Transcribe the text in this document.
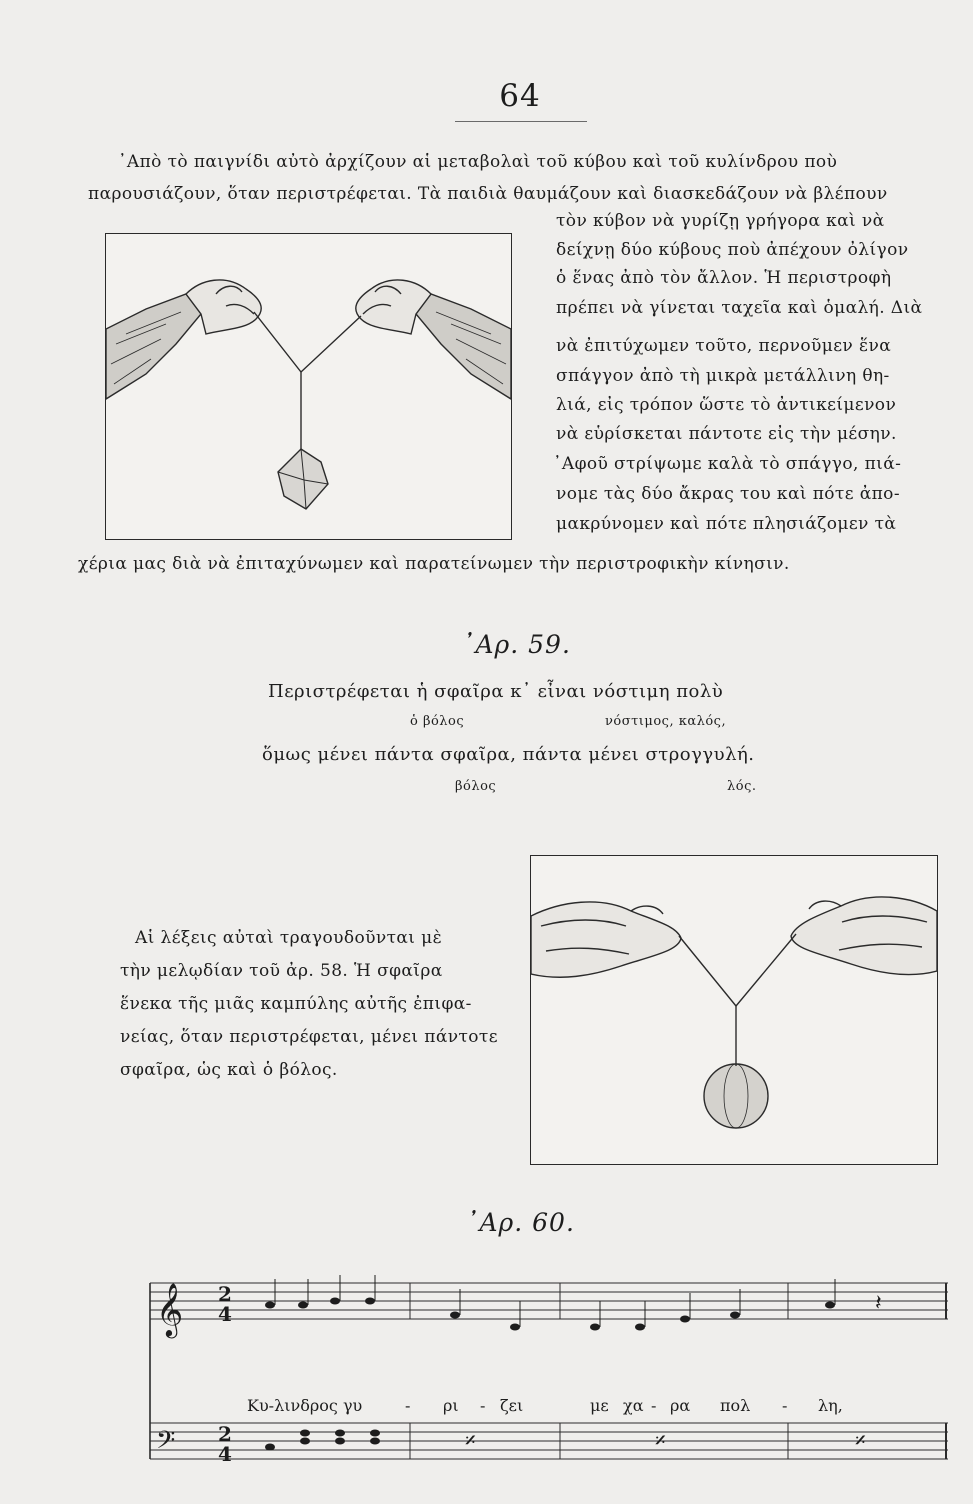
64
᾿Απὸ τὸ παιγνίδι αὐτὸ ἀρχίζουν αἱ μεταβολαὶ τοῦ κύβου καὶ τοῦ κυλίνδρου ποὺ
παρουσιάζουν, ὅταν περιστρέφεται. Τὰ παιδιὰ θαυμάζουν καὶ διασκεδάζουν νὰ βλέπουν
τὸν κύβον νὰ γυρίζῃ γρήγορα καὶ νὰ
δείχνῃ δύο κύβους ποὺ ἀπέχουν ὀλίγον
ὁ ἕνας ἀπὸ τὸν ἄλλον. Ἡ περιστροφὴ
πρέπει νὰ γίνεται ταχεῖα καὶ ὁμαλή. Διὰ
νὰ ἐπιτύχωμεν τοῦτο, περνοῦμεν ἕνα
σπάγγον ἀπὸ τὴ μικρὰ μετάλλινη θη-
λιά, εἰς τρόπον ὥστε τὸ ἀντικείμενον
νὰ εὑρίσκεται πάντοτε εἰς τὴν μέσην.
᾿Αφοῦ στρίψωμε καλὰ τὸ σπάγγο, πιά-
νομε τὰς δύο ἄκρας του καὶ πότε ἀπο-
μακρύνομεν καὶ πότε πλησιάζομεν τὰ
χέρια μας διὰ νὰ ἐπιταχύνωμεν καὶ παρατείνωμεν τὴν περιστροφικὴν κίνησιν.
᾿Αρ. 59.
Περιστρέφεται ἡ σφαῖρα κ᾿ εἶναι νόστιμη πολὺ
ὁ βόλος	νόστιμος, καλός,
ὅμως μένει πάντα σφαῖρα, πάντα μένει στρογγυλή.
βόλος	λός.
Αἱ λέξεις αὐταὶ τραγουδοῦνται μὲ
τὴν μελῳδίαν τοῦ ἀρ. 58. Ἡ σφαῖρα
ἕνεκα τῆς μιᾶς καμπύλης αὐτῆς ἐπιφα-
νείας, ὅταν περιστρέφεται, μένει πάντοτε
σφαῖρα, ὡς καὶ ὁ βόλος.
᾿Αρ. 60.
𝄞
𝄢
𝄽
𝄎	𝄎	𝄎
2
4
2
4
Κυ-λινδρος γυ	- ρι - ζει	με χα - ρα πολ - λη,
